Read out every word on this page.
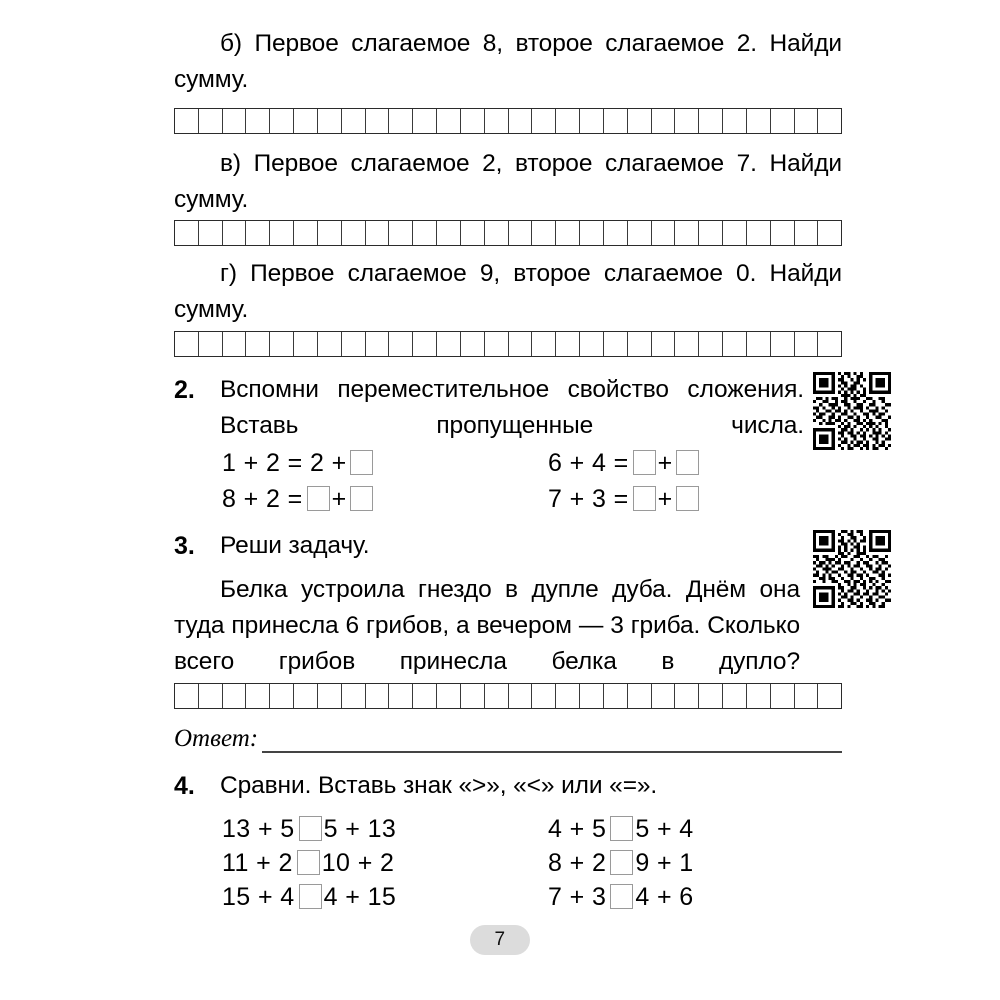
б) Первое слагаемое 8, второе слагаемое 2. Найди сумму.
в) Первое слагаемое 2, второе слагаемое 7. Найди сумму.
г) Первое слагаемое 9, второе слагаемое 0. Найди сумму.
2. Вспомни переместительное свойство сложения. Вставь пропущенные числа.
1 + 2 = 2 +
8 + 2 = +
6 + 4 = +
7 + 3 = +
3. Реши задачу.
Белка устроила гнездо в дупле дуба. Днём она туда принесла 6 грибов, а вечером — 3 гриба. Сколько всего грибов принесла белка в дупло?
Ответ:
4. Сравни. Вставь знак «>», «<» или «=».
13 + 5 5 + 13
11 + 2 10 + 2
15 + 4 4 + 15
4 + 5 5 + 4
8 + 2 9 + 1
7 + 3 4 + 6
7
